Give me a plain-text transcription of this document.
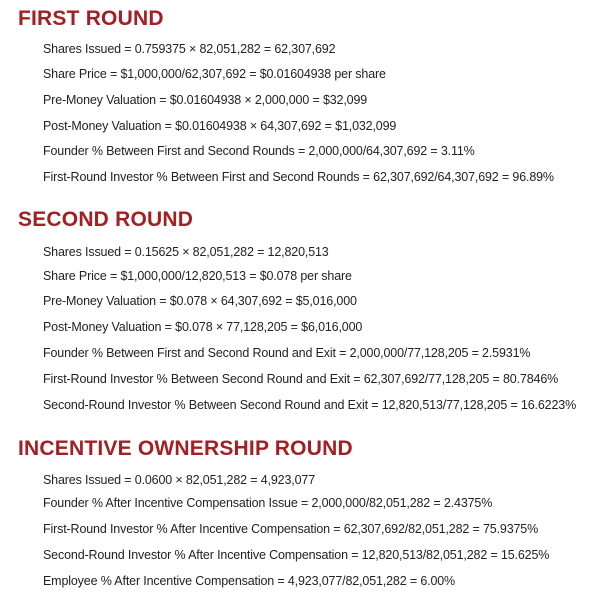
FIRST ROUND

Shares Issued = 0.759375 × 82,051,282 = 62,307,692

Share Price = $1,000,000/62,307,692 = $0.01604938 per share

Pre-Money Valuation = $0.01604938 × 2,000,000 = $32,099

Post-Money Valuation = $0.01604938 × 64,307,692 = $1,032,099

Founder % Between First and Second Rounds = 2,000,000/64,307,692 = 3.11%

First-Round Investor % Between First and Second Rounds = 62,307,692/64,307,692 = 96.89%

SECOND ROUND

Shares Issued = 0.15625 × 82,051,282 = 12,820,513

Share Price = $1,000,000/12,820,513 = $0.078 per share

Pre-Money Valuation = $0.078 × 64,307,692 = $5,016,000

Post-Money Valuation = $0.078 × 77,128,205 = $6,016,000

Founder % Between First and Second Round and Exit = 2,000,000/77,128,205 = 2.5931%

First-Round Investor % Between Second Round and Exit = 62,307,692/77,128,205 = 80.7846%

Second-Round Investor % Between Second Round and Exit = 12,820,513/77,128,205 = 16.6223%

INCENTIVE OWNERSHIP ROUND

Shares Issued = 0.0600 × 82,051,282 = 4,923,077

Founder % After Incentive Compensation Issue = 2,000,000/82,051,282 = 2.4375%

First-Round Investor % After Incentive Compensation = 62,307,692/82,051,282 = 75.9375%

Second-Round Investor % After Incentive Compensation = 12,820,513/82,051,282 = 15.625%

Employee % After Incentive Compensation = 4,923,077/82,051,282 = 6.00%
